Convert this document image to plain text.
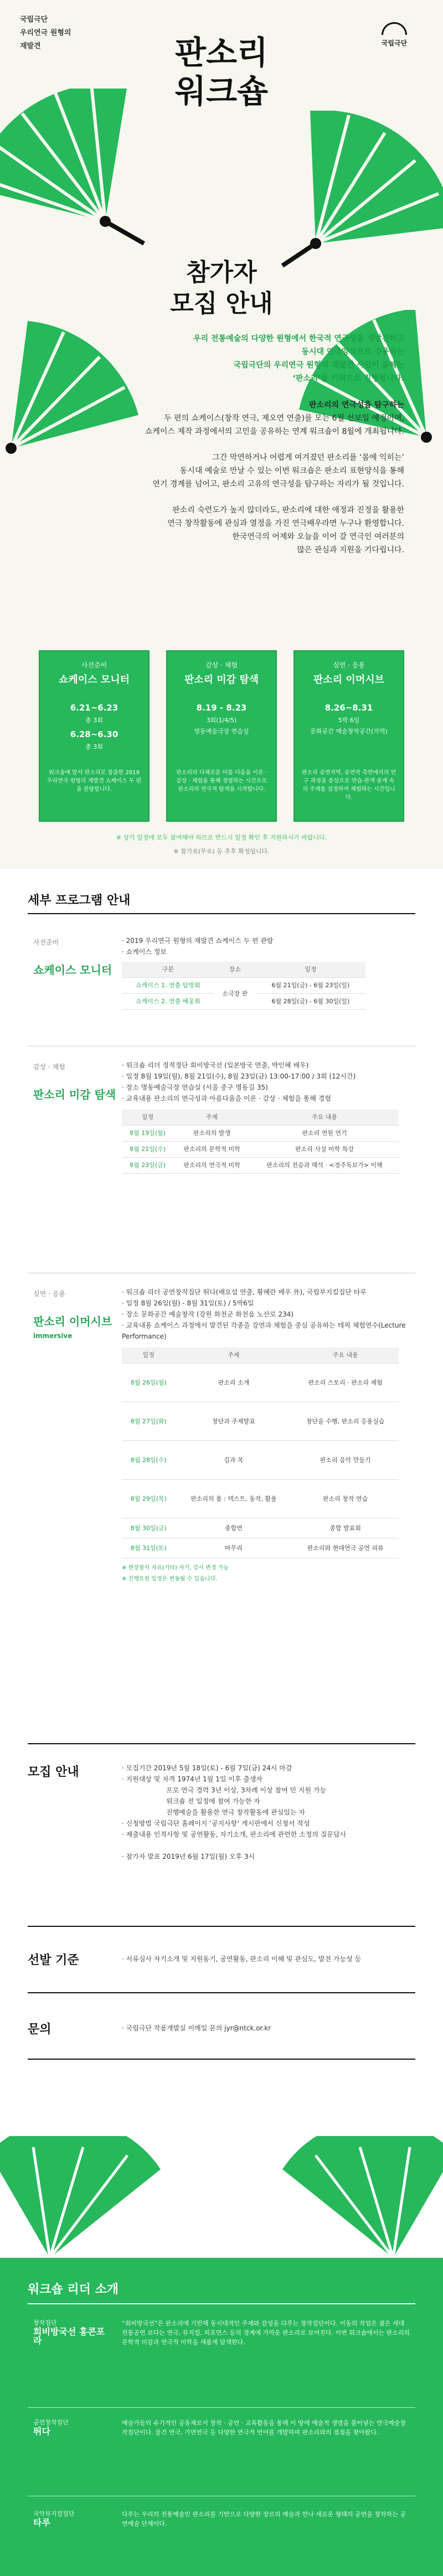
국립극단
우리연극 원형의
재발견	국립극단
판소리
워크숍
참가자
모집 안내
우리 전통예술의 다양한 원형에서 한국적 연극성을 재발견하고
동시대 연극양식으로 수용하는
국립극단의 우리연극 원형의 재발견 사업이 올해는
‘판소리’를 키워드로 진행됩니다.
판소리의 연극성을 탐구하는
두 편의 쇼케이스(창작 연극, 제오연 연출)를 모는 6월 선보일 예정이며,
쇼케이스 제작 과정에서의 고민을 공유하는 연계 워크숍이 8월에 개최됩니다.
그간 막연하거나 어렵게 여겨졌던 판소리를 ‘몸에 익히는’
동시대 예술로 만날 수 있는 이번 워크숍은 판소리 표현양식을 통해
연기 경계를 넘어고, 판소리 고유의 연극성을 탐구하는 자리가 될 것입니다.
판소리 숙련도가 높지 않더라도, 판소리에 대한 애정과 진정을 활용한
연극 창작활동에 관심과 열정을 가진 연극배우라면 누구나 환영합니다.
한국연극의 어제와 오늘을 이어 갈 연극인 여러분의
많은 관심과 지원을 기다립니다.
사전준비
쇼케이스 모니터
6.21~6.23
총 3회
6.28~6.30
총 3회
워크숍에 앞서 판소리로 창출한 2019 우리연극 원형의 재발견 쇼케이스 두 편을 관람합니다.
감상 · 체험
판소리 미감 탐색
8.19 - 8.23
3회(1/4/5)
명동예술극장 연습실
판소리의 다채로운 미를 다음을 이론 · 감상 · 체험을 통해 경험하는 시간으로 판소리의 연극적 탐색을 시작합니다.
실연 · 응용
판소리 이머시브
8.26~8.31
5박 6일
문화공간 예술창작공간(지역)
판소리 공연지역, 공연작 측면에서의 연구 과정을 중심으로 연습-관객 중계 속의 주제를 설정하여 체험하는 시간입니다.
※ 상기 일정에 모두 참여해야 하므로 반드시 일정 확인 후 지원하시기 바랍니다.
※ 참가료(무료) 등 추후 확정됩니다.
세부 프로그램 안내
사전준비
쇼케이스 모니터
· 2019 우리연극 원형의 재발견 쇼케이스 두 편 관람
· 쇼케이스 정보
구분	장소	일정
쇼케이스 1. 연출 탐방회	소극장 판	6월 21일(금) - 6월 23일(일)
쇼케이스 2. 연출 배웅회		6월 28일(금) - 6월 30일(일)
감상 · 체험
판소리 미감 탐색
· 워크숍 리더 정적정단 회비방국선 (일본방국 연출, 박인혜 배우)
· 일정 8월 19일(월), 8월 21일(수), 8월 23일(금) 13:00-17:00 / 3회 (12시간)
· 장소 명동예술극장 연습실 (서울 중구 명동길 35)
· 교육내용 판소리의 연극성과 아름다움을 이론 · 감상 · 체험을 통해 경험
일정	주제	주요 내용
8월 19일(월)	판소리의 발생	판소리 연원 연기
8월 21일(수)	판소리의 문학적 미학	판소리 사설 미학 특강
8월 23일(금)	판소리의 연극적 미학	판소리의 전승과 해석 · <경주독보가> 이해
실연 · 응용
판소리 이머시브
immersive
· 워크숍 리더 공연창작집단 뛰다(배요섭 연출, 황혜란 배우 外), 국립부지킬집단 타루
· 일정 8월 26일(월) - 8월 31일(토) / 5박6일
· 장소 문화공간 예술창작 (강원 화천군 화천읍 노산로 234)
· 교육내용 쇼케이스 과정에서 발견된 각종을 강연과 체험을 중심 공유하는 테픽 체험연수(Lecture Performance)
일정	주제	주요 내용
8월 26일(월)	판소리 소개	판소리 스토리 · 판소리 체험
8월 27일(화)	창단과 주제발표	창단을 수행, 판소리 응용실습
8월 28일(수)	길과 목	판소리 음악 만들기
8월 29일(목)	판소리의 몸 : 텍스트, 동작, 활용	판소리 창작 연습
8월 30일(금)	종합연	종합 발표회
8월 31일(토)	마무리	판소리와 현대연극 공연 리뷰
※ 현장참석 자료(기타) 자기, 강사 변경 가능
※ 진행요원 일정은 변동될 수 있습니다.
모집 안내	· 모집기간 2019년 5월 18일(토) - 6월 7일(금) 24시 마감
· 지원대상 및 자격 1974년 1월 1일 이후 출생자
프로 연극 경력 3년 이상, 3차례 이상 참여 민 지원 가능
워크숍 전 일정에 참여 가능한 자
진행예술을 활용한 연극 창작활동에 관심있는 자
· 신청방법 국립극단 홈페이지 ‘공지사항’ 게시판에서 신청서 작성
· 제출내용 인적사항 및 공연활동, 자기소개, 판소리에 관련한 소정의 질문답사
· 참가자 발표 2019년 6월 17일(월) 오후 3시
선발 기준	· 서류심사 자기소개 및 지원동기, 공연활동, 판소리 이해 및 관심도, 발전 가능성 등
문의	· 국립극단 작품개발실 이메일 문의 jyr@ntck.or.kr
워크숍 리더 소개
창작집단
회비방국선 홍콘포라
“회비방국선”은 판소리에 기반해 동시대적인 주제와 감성을 다루는 창작집단이다. 이동의 작업은 젊은 세대 전통공연 보다는 연극, 뮤지컬, 퍼포먼스 등의 경계에 가까운 판소리로 보여진다. 이번 워크숍에서는 판소리의 문학적 미감과 연극적 미학을 새롭게 탐색한다.
공연창작집단
뛰다
예술가들의 유기적인 공동체로서 창작 · 공연 · 교육활동을 통해 이 땅에 예술적 생명을 불어넣는 연극예술창작집단이다. 물건 연극, 가면연극 등 다양한 연극적 언어를 개발하며 판소리와의 접점을 찾아왔다.
국악뮤지컬집단
타루
다루는 우리의 전통예술인 판소리를 기반으로 다양한 장르의 예술과 만나 새로운 형태의 공연을 창작하는 공연예술 단체이다.
